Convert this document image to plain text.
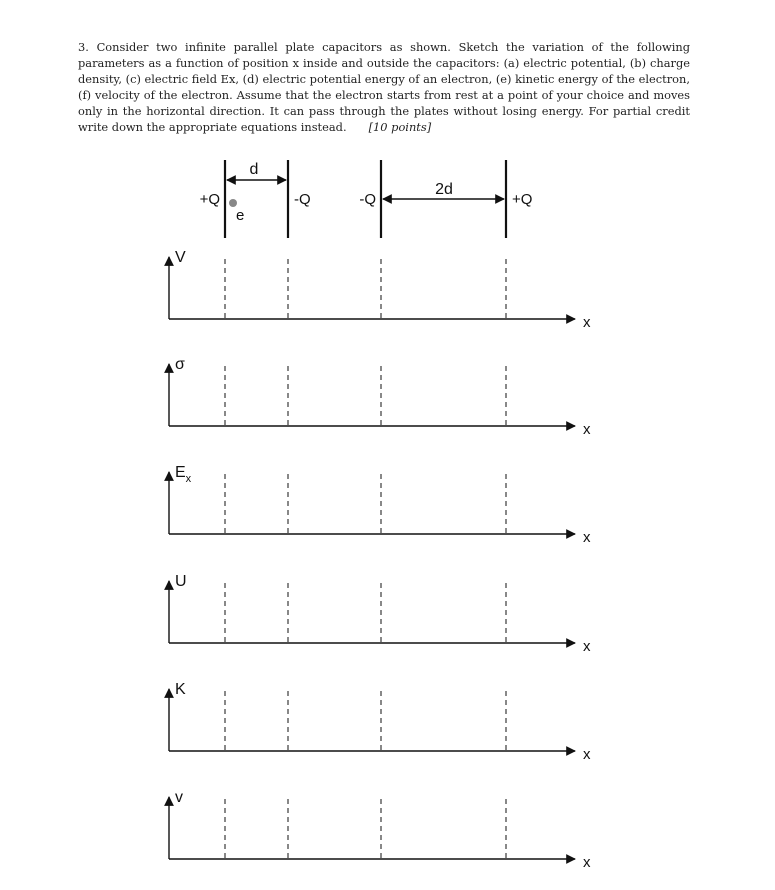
3. Consider two infinite parallel plate capacitors as shown. Sketch the variation of the following parameters as a function of position x inside and outside the capacitors: (a) electric potential, (b) charge density, (c) electric field Ex, (d) electric potential energy of an electron, (e) kinetic energy of the electron, (f) velocity of the electron. Assume that the electron starts from rest at a point of your choice and moves only in the horizontal direction. It can pass through the plates without losing energy. For partial credit write down the appropriate equations instead. [10 points]

d
+Q	-Q
e
2d
-Q	+Q
V
x
σ
x
$E_x$
x
U
x
K
x
v
x
